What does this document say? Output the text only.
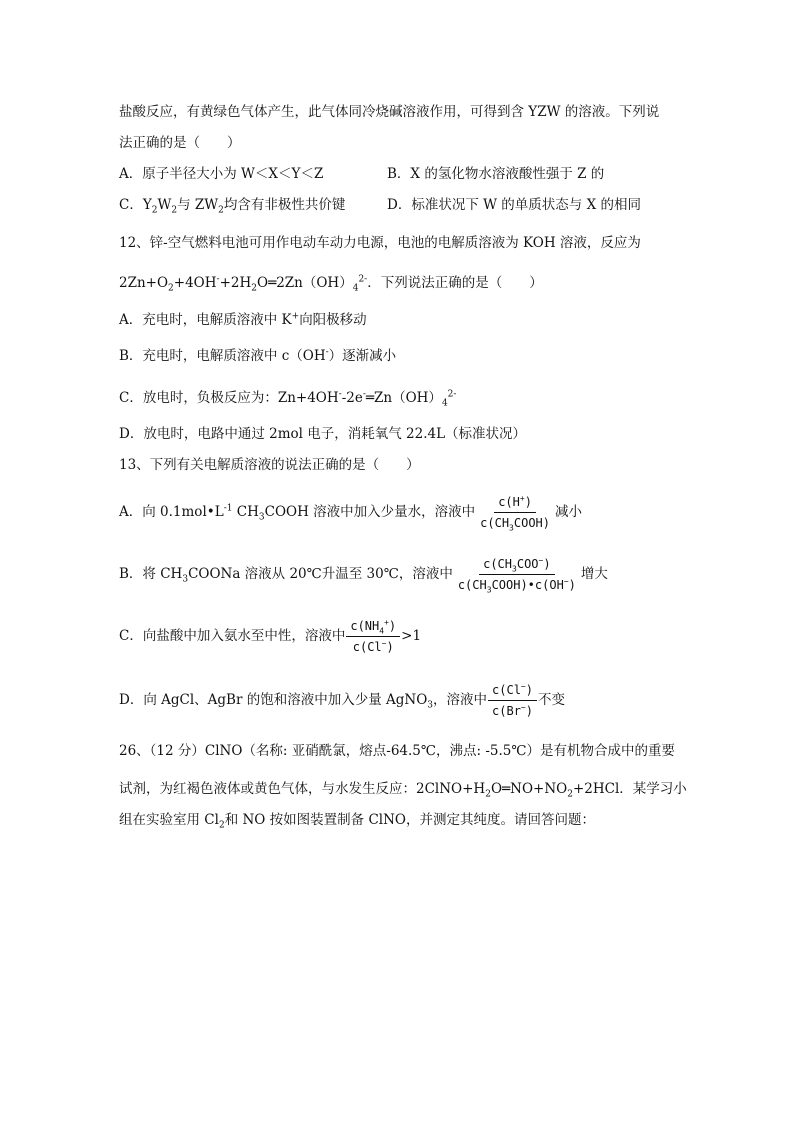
盐酸反应，有黄绿色气体产生，此气体同冷烧碱溶液作用，可得到含 YZW 的溶液。下列说
法正确的是（　　）
A．原子半径大小为 W＜X＜Y＜Z	B．X 的氢化物水溶液酸性强于 Z 的
C．$Y_2W_2$与 $ZW_2$均含有非极性共价键	D．标准状况下 W 的单质状态与 X 的相同
12、锌-空气燃料电池可用作电动车动力电源，电池的电解质溶液为 KOH 溶液，反应为
$2Zn+O_2+4OH^-+2H_2O═2Zn(OH)_4^{2-}$．下列说法正确的是（　　）
A．充电时，电解质溶液中 K+向阳极移动
B．充电时，电解质溶液中 c（OH-）逐渐减小
C．放电时，负极反应为：$Zn+4OH^--2e^-═Zn(OH)_4^{2-}$
D．放电时，电路中通过 2mol 电子，消耗氧气 22.4L（标准状况）
13、下列有关电解质溶液的说法正确的是（　　）
A．向 $0.1mol•L^{-1}$ $CH_3COOH$ 溶液中加入少量水，溶液中 $\frac{c(H^+)}{c(CH_3COOH)}$ 减小
B．将 $CH_3COONa$ 溶液从 20℃升温至 30℃，溶液中 $\frac{c(CH_3COO^-)}{c(CH_3COOH)•c(OH^-)}$ 增大
C．向盐酸中加入氨水至中性，溶液中 $\frac{c(NH_4^+)}{c(Cl^-)} >1$
D．向 AgCl、AgBr 的饱和溶液中加入少量 AgNO$_3$，溶液中 $\frac{c(Cl^-)}{c(Br^-)}$ 不变
26、（12 分）ClNO（名称: 亚硝酰氯，熔点-64.5℃，沸点: -5.5℃）是有机物合成中的重要
试剂，为红褐色液体或黄色气体，与水发生反应：$2ClNO+H_2O═NO+NO_2+2HCl$．某学习小
组在实验室用 $Cl_2$和 NO 按如图装置制备 ClNO，并测定其纯度。请回答问题：
